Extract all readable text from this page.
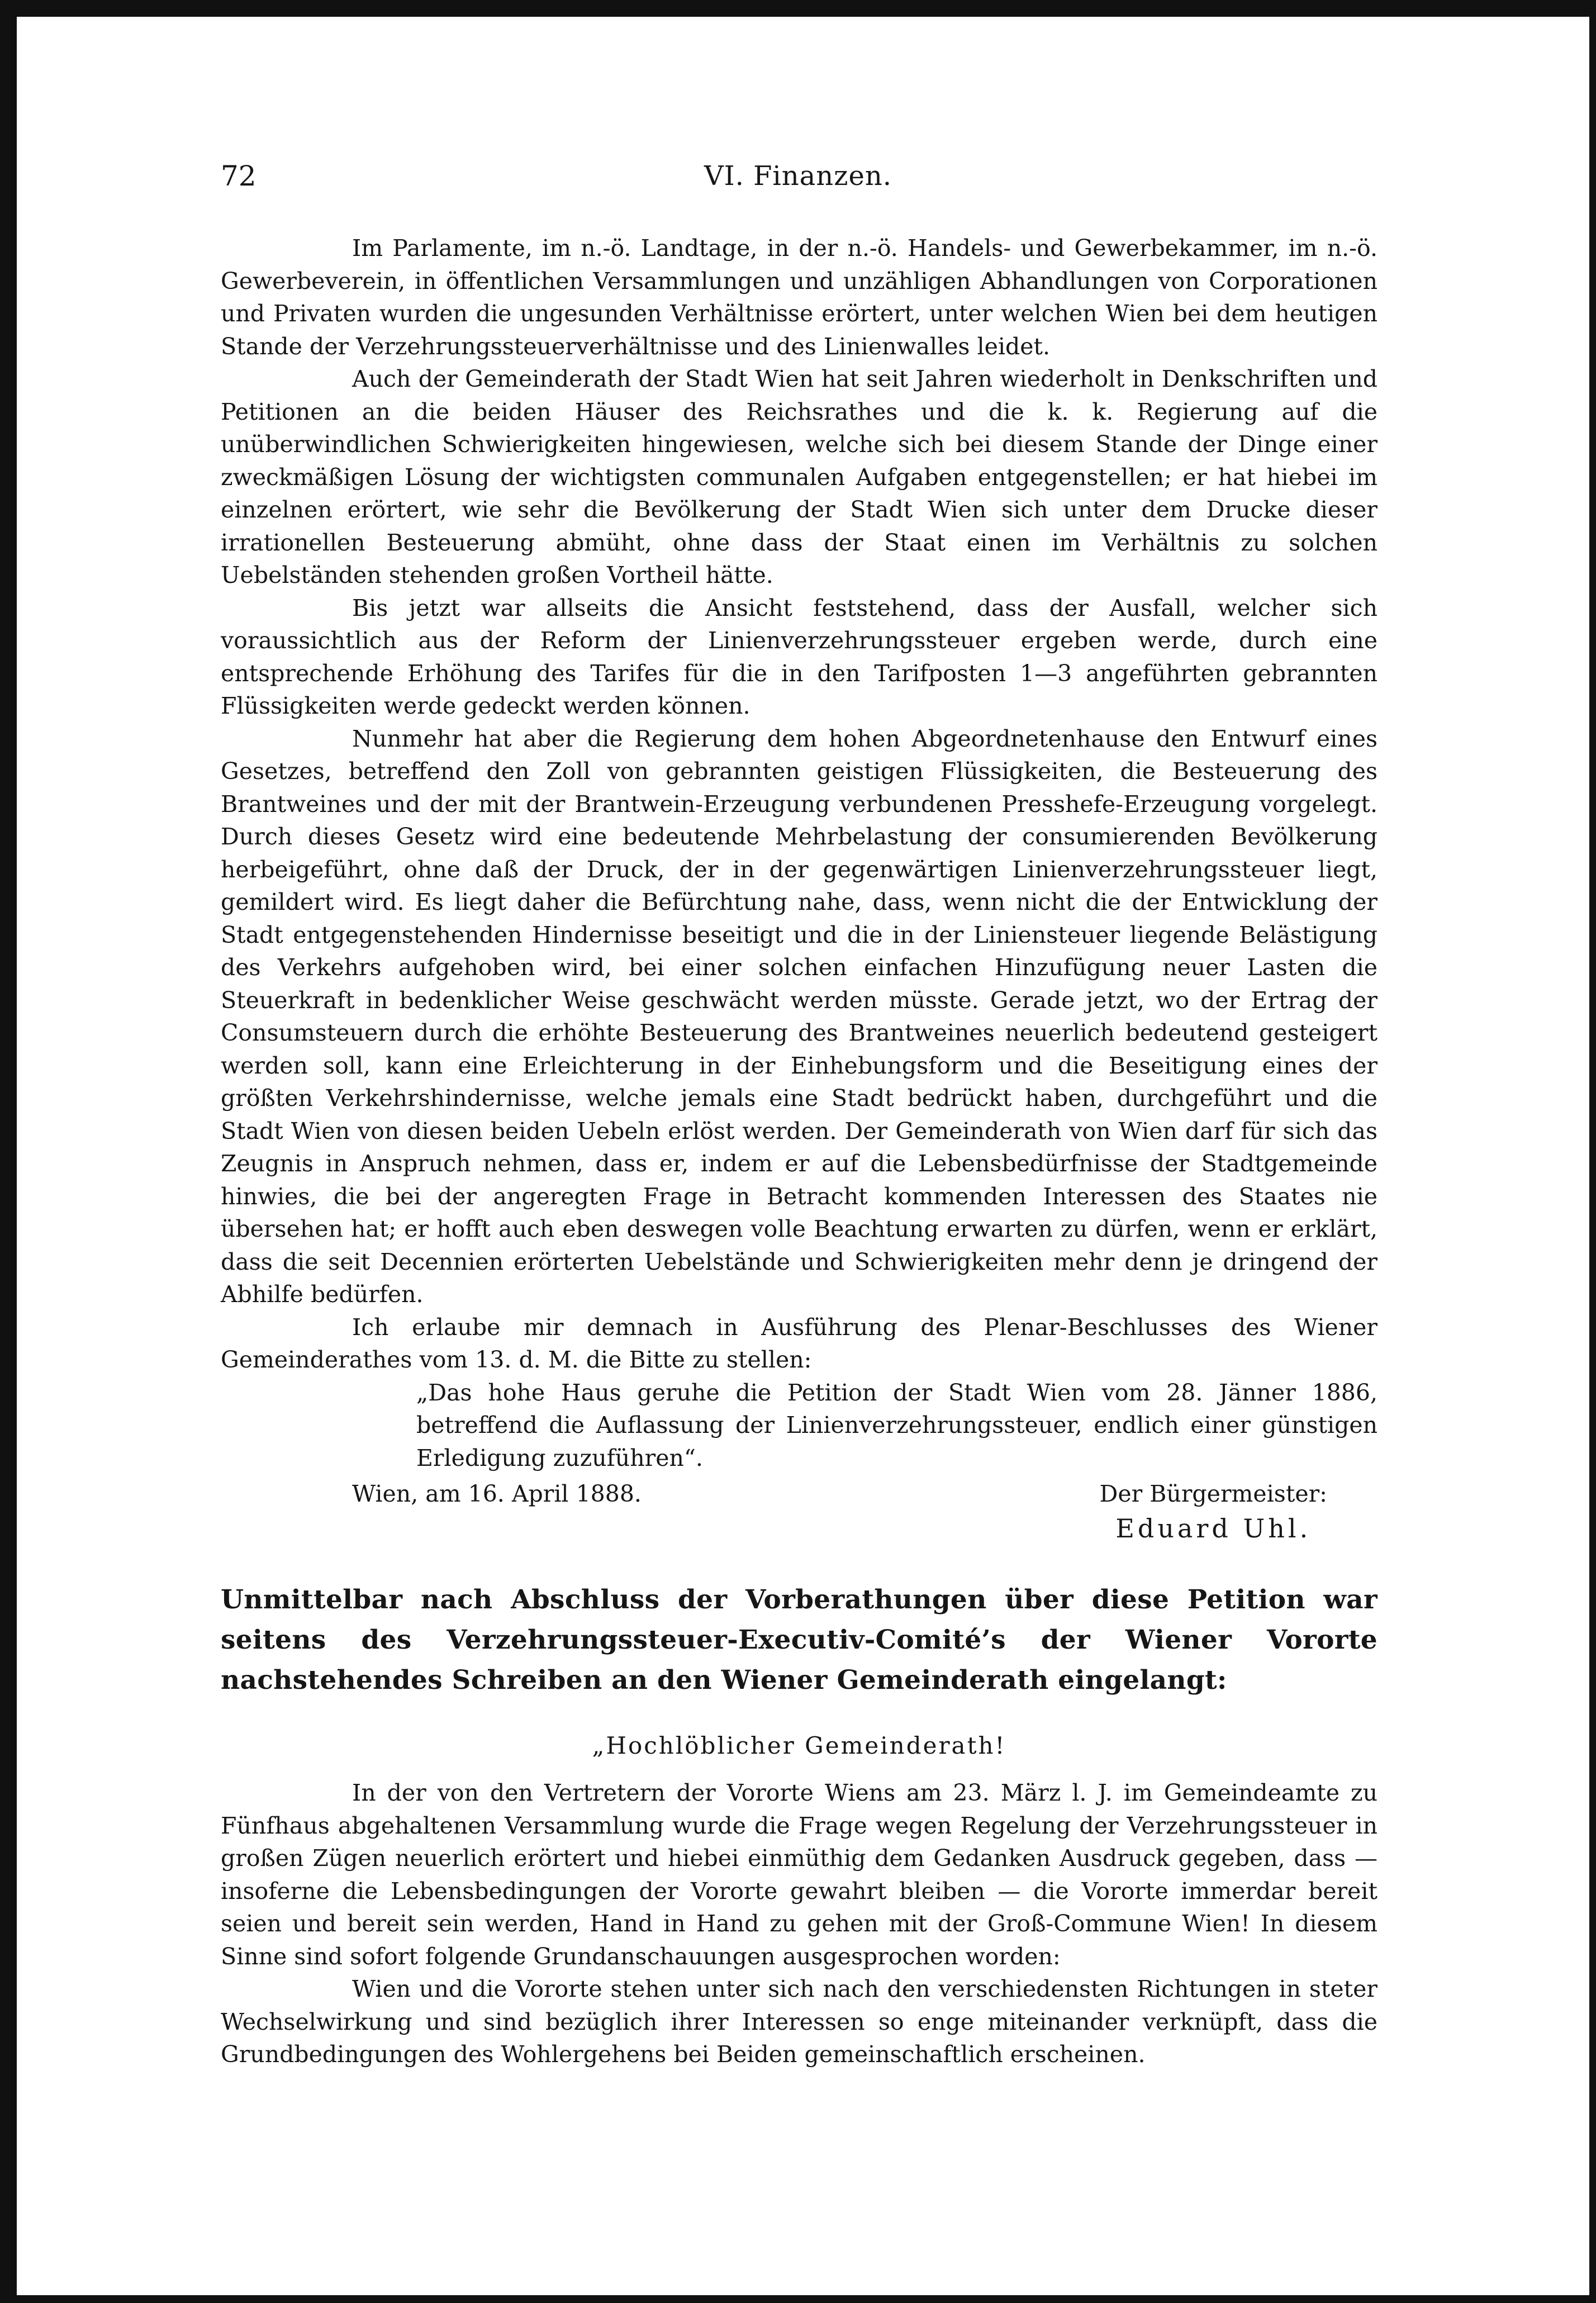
72	VI. Finanzen.

Im Parlamente, im n.-ö. Landtage, in der n.-ö. Handels- und Gewerbekammer, im n.-ö. Gewerbeverein, in öffentlichen Versammlungen und unzähligen Abhandlungen von Corporationen und Privaten wurden die ungesunden Verhältnisse erörtert, unter welchen Wien bei dem heutigen Stande der Verzehrungssteuerverhältnisse und des Linienwalles leidet.

Auch der Gemeinderath der Stadt Wien hat seit Jahren wiederholt in Denkschriften und Petitionen an die beiden Häuser des Reichsrathes und die k. k. Regierung auf die unüberwindlichen Schwierigkeiten hingewiesen, welche sich bei diesem Stande der Dinge einer zweckmäßigen Lösung der wichtigsten communalen Aufgaben entgegenstellen; er hat hiebei im einzelnen erörtert, wie sehr die Bevölkerung der Stadt Wien sich unter dem Drucke dieser irrationellen Besteuerung abmüht, ohne dass der Staat einen im Verhältnis zu solchen Uebelständen stehenden großen Vortheil hätte.

Bis jetzt war allseits die Ansicht feststehend, dass der Ausfall, welcher sich voraussichtlich aus der Reform der Linienverzehrungssteuer ergeben werde, durch eine entsprechende Erhöhung des Tarifes für die in den Tarifposten 1—3 angeführten gebrannten Flüssigkeiten werde gedeckt werden können.

Nunmehr hat aber die Regierung dem hohen Abgeordnetenhause den Entwurf eines Gesetzes, betreffend den Zoll von gebrannten geistigen Flüssigkeiten, die Besteuerung des Brantweines und der mit der Brantwein-Erzeugung verbundenen Presshefe-Erzeugung vorgelegt. Durch dieses Gesetz wird eine bedeutende Mehrbelastung der consumierenden Bevölkerung herbeigeführt, ohne daß der Druck, der in der gegenwärtigen Linienverzehrungssteuer liegt, gemildert wird. Es liegt daher die Befürchtung nahe, dass, wenn nicht die der Entwicklung der Stadt entgegenstehenden Hindernisse beseitigt und die in der Liniensteuer liegende Belästigung des Verkehrs aufgehoben wird, bei einer solchen einfachen Hinzufügung neuer Lasten die Steuerkraft in bedenklicher Weise geschwächt werden müsste. Gerade jetzt, wo der Ertrag der Consumsteuern durch die erhöhte Besteuerung des Brantweines neuerlich bedeutend gesteigert werden soll, kann eine Erleichterung in der Einhebungsform und die Beseitigung eines der größten Verkehrshindernisse, welche jemals eine Stadt bedrückt haben, durchgeführt und die Stadt Wien von diesen beiden Uebeln erlöst werden. Der Gemeinderath von Wien darf für sich das Zeugnis in Anspruch nehmen, dass er, indem er auf die Lebensbedürfnisse der Stadtgemeinde hinwies, die bei der angeregten Frage in Betracht kommenden Interessen des Staates nie übersehen hat; er hofft auch eben deswegen volle Beachtung erwarten zu dürfen, wenn er erklärt, dass die seit Decennien erörterten Uebelstände und Schwierigkeiten mehr denn je dringend der Abhilfe bedürfen.

Ich erlaube mir demnach in Ausführung des Plenar-Beschlusses des Wiener Gemeinderathes vom 13. d. M. die Bitte zu stellen:

„Das hohe Haus geruhe die Petition der Stadt Wien vom 28. Jänner 1886, betreffend die Auflassung der Linienverzehrungssteuer, endlich einer günstigen Erledigung zuzuführen“.

Wien, am 16. April 1888.	Der Bürgermeister:
Eduard Uhl.

Unmittelbar nach Abschluss der Vorberathungen über diese Petition war seitens des Verzehrungssteuer-Executiv-Comité’s der Wiener Vororte nachstehendes Schreiben an den Wiener Gemeinderath eingelangt:

„Hochlöblicher Gemeinderath!

In der von den Vertretern der Vororte Wiens am 23. März l. J. im Gemeindeamte zu Fünfhaus abgehaltenen Versammlung wurde die Frage wegen Regelung der Verzehrungssteuer in großen Zügen neuerlich erörtert und hiebei einmüthig dem Gedanken Ausdruck gegeben, dass — insoferne die Lebensbedingungen der Vororte gewahrt bleiben — die Vororte immerdar bereit seien und bereit sein werden, Hand in Hand zu gehen mit der Groß-Commune Wien! In diesem Sinne sind sofort folgende Grundanschauungen ausgesprochen worden:

Wien und die Vororte stehen unter sich nach den verschiedensten Richtungen in steter Wechselwirkung und sind bezüglich ihrer Interessen so enge miteinander verknüpft, dass die Grundbedingungen des Wohlergehens bei Beiden gemeinschaftlich erscheinen.
